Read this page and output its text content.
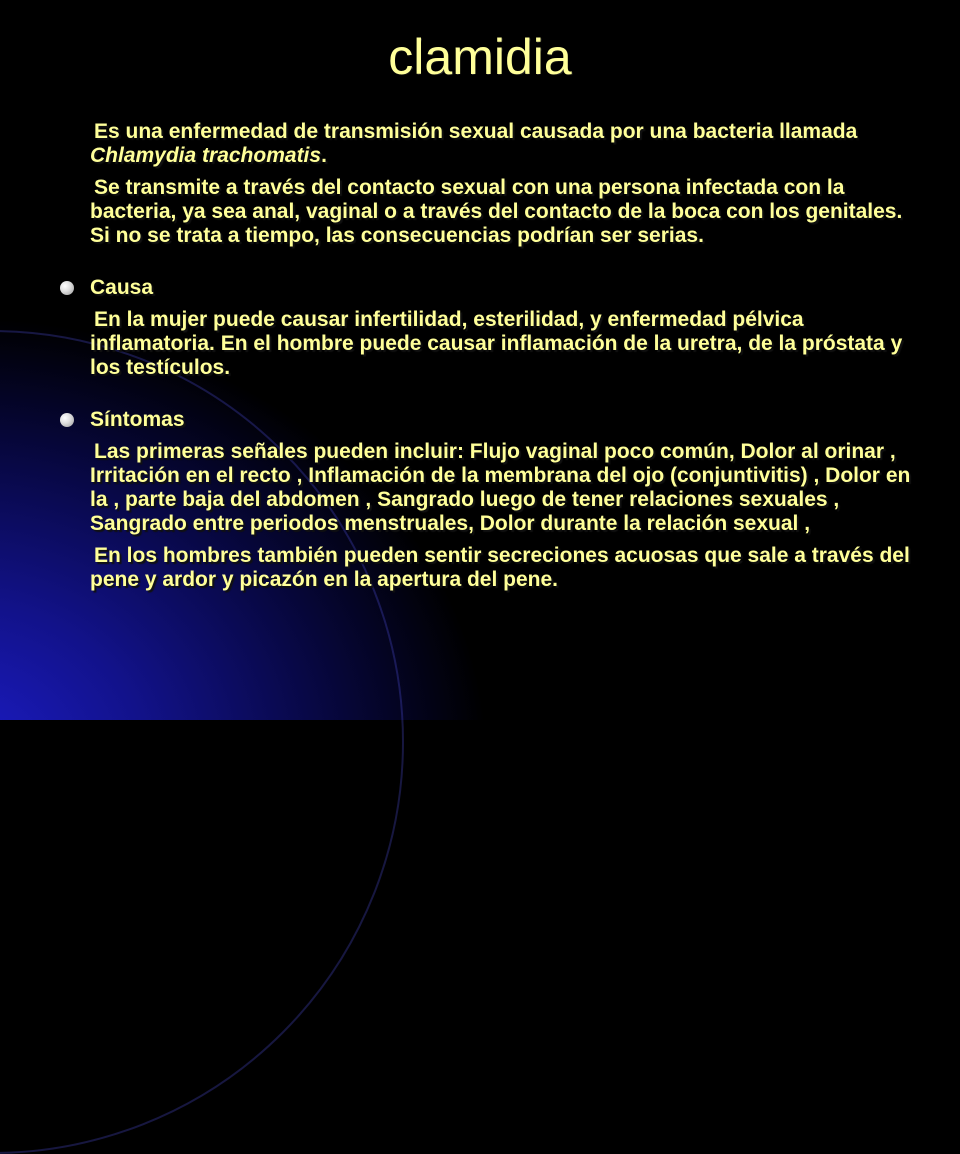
clamidia

Es una enfermedad de transmisión sexual causada por una bacteria llamada Chlamydia trachomatis.

Se transmite a través del contacto sexual con una persona infectada con la bacteria, ya sea anal, vaginal o a través del contacto de la boca con los genitales. Si no se trata a tiempo, las consecuencias podrían ser serias.

Causa

En la mujer puede causar infertilidad, esterilidad, y enfermedad pélvica inflamatoria. En el hombre puede causar inflamación de la uretra, de la próstata y los testículos.

Síntomas

Las primeras señales pueden incluir: Flujo vaginal poco común, Dolor al orinar , Irritación en el recto , Inflamación de la membrana del ojo (conjuntivitis) , Dolor en la , parte baja del abdomen , Sangrado luego de tener relaciones sexuales , Sangrado entre periodos menstruales, Dolor durante la relación sexual ,

En los hombres también pueden sentir secreciones acuosas que sale a través del pene y ardor y picazón en la apertura del pene.
